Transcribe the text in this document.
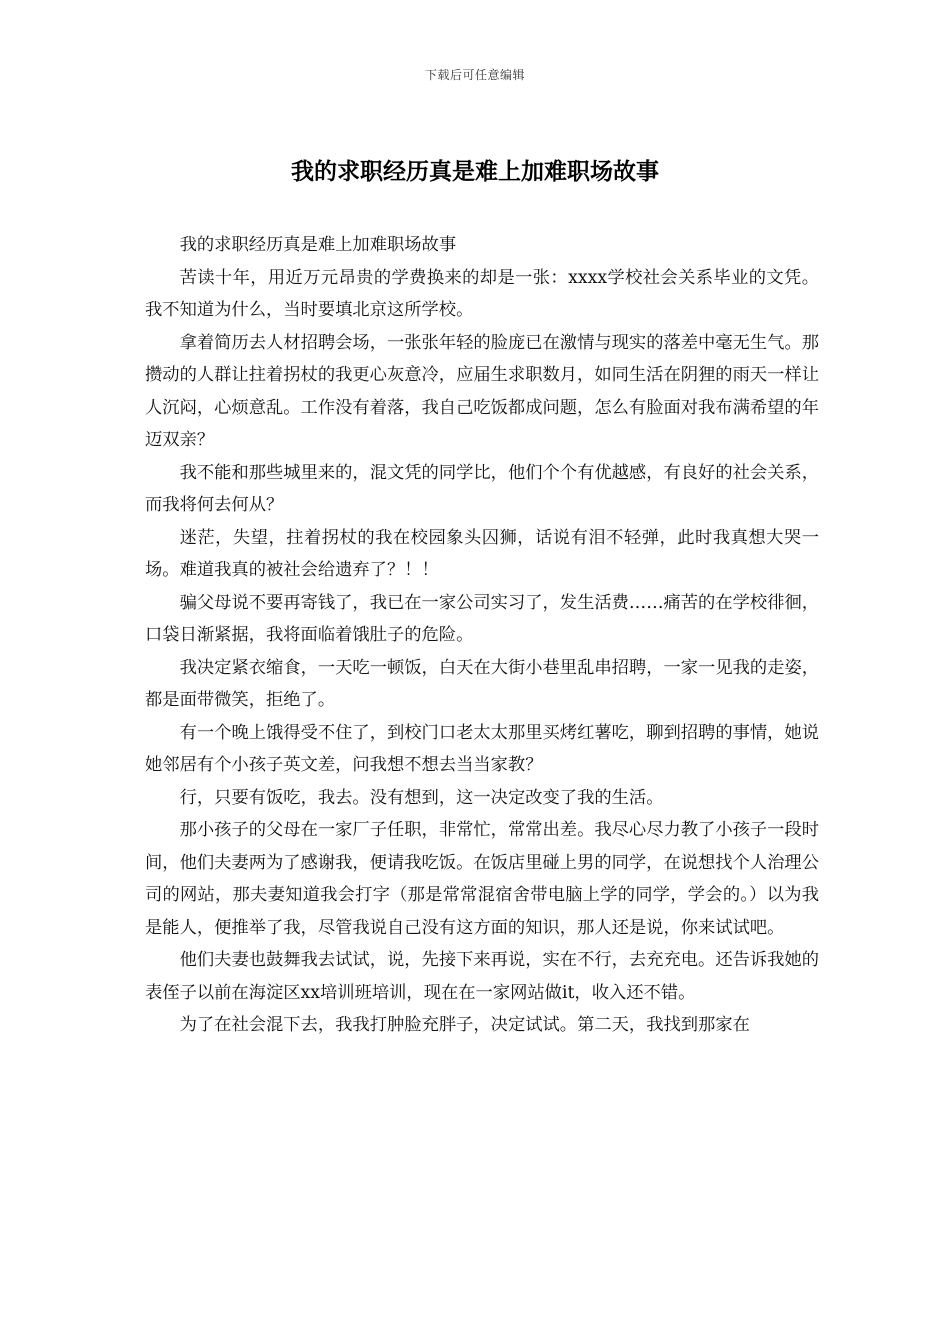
下载后可任意编辑
我的求职经历真是难上加难职场故事

我的求职经历真是难上加难职场故事

苦读十年，用近万元昂贵的学费换来的却是一张：xxxx学校社会关系毕业的文凭。我不知道为什么，当时要填北京这所学校。

拿着简历去人材招聘会场，一张张年轻的脸庞已在激情与现实的落差中毫无生气。那攒动的人群让拄着拐杖的我更心灰意冷，应届生求职数月，如同生活在阴狸的雨天一样让人沉闷，心烦意乱。工作没有着落，我自己吃饭都成问题，怎么有脸面对我布满希望的年迈双亲？

我不能和那些城里来的，混文凭的同学比，他们个个有优越感，有良好的社会关系，而我将何去何从？

迷茫，失望，拄着拐杖的我在校园象头囚狮，话说有泪不轻弹，此时我真想大哭一场。难道我真的被社会给遗弃了？！！

骗父母说不要再寄钱了，我已在一家公司实习了，发生活费……痛苦的在学校徘徊，口袋日渐紧据，我将面临着饿肚子的危险。

我决定紧衣缩食，一天吃一顿饭，白天在大街小巷里乱串招聘，一家一见我的走姿，都是面带微笑，拒绝了。

有一个晚上饿得受不住了，到校门口老太太那里买烤红薯吃，聊到招聘的事情，她说她邻居有个小孩子英文差，问我想不想去当当家教？

行，只要有饭吃，我去。没有想到，这一决定改变了我的生活。

那小孩子的父母在一家厂子任职，非常忙，常常出差。我尽心尽力教了小孩子一段时间，他们夫妻两为了感谢我，便请我吃饭。在饭店里碰上男的同学，在说想找个人治理公司的网站，那夫妻知道我会打字（那是常常混宿舍带电脑上学的同学，学会的。）以为我是能人，便推举了我，尽管我说自己没有这方面的知识，那人还是说，你来试试吧。

他们夫妻也鼓舞我去试试，说，先接下来再说，实在不行，去充充电。还告诉我她的表侄子以前在海淀区xx培训班培训，现在在一家网站做it，收入还不错。

为了在社会混下去，我我打肿脸充胖子，决定试试。第二天，我找到那家在
